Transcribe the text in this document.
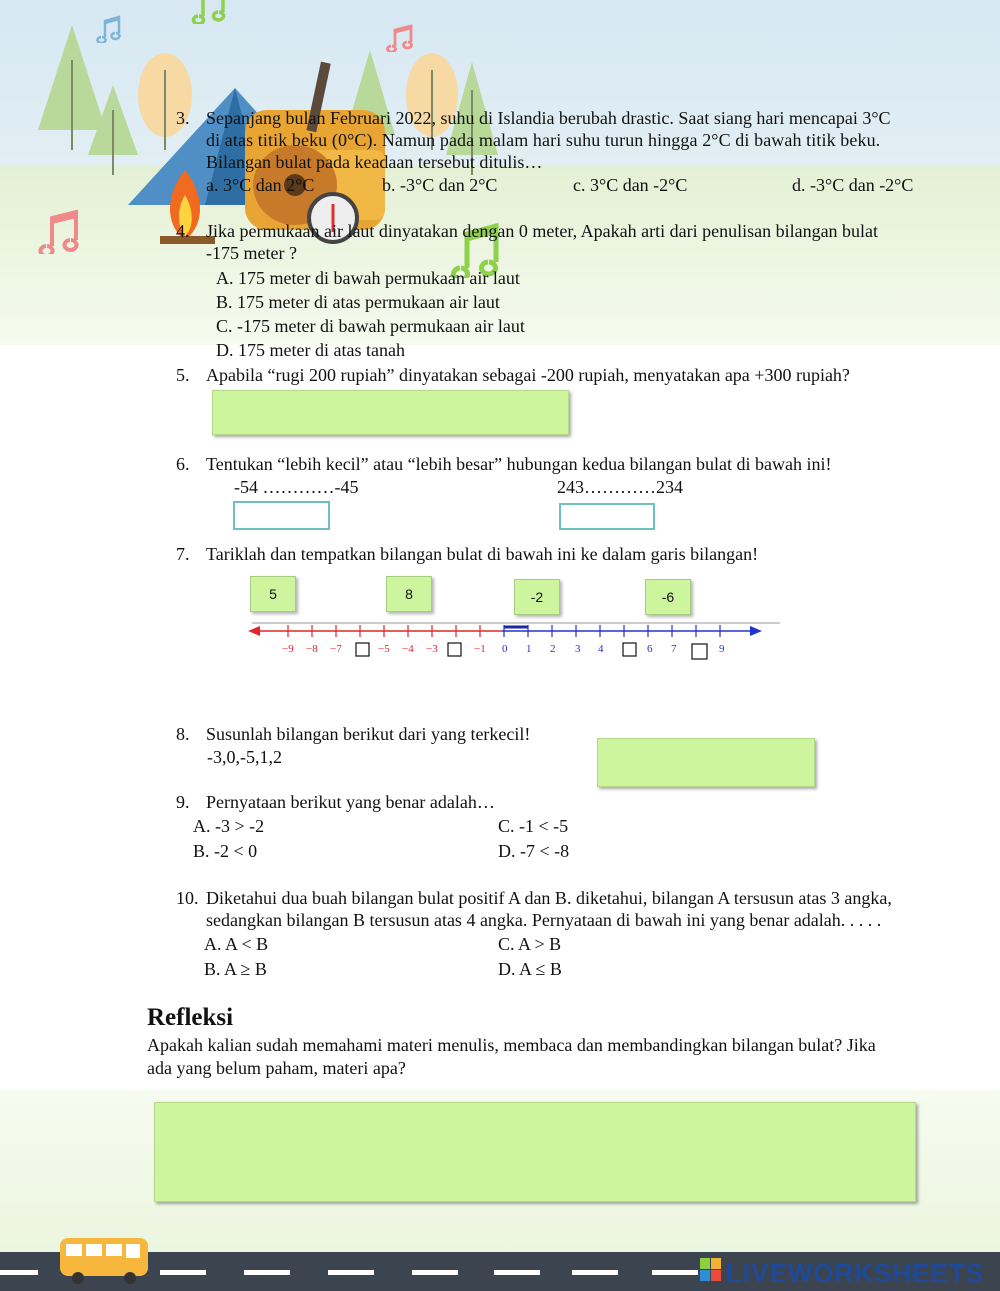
3. Sepanjang bulan Februari 2022, suhu di Islandia berubah drastic. Saat siang hari mencapai 3°C
di atas titik beku (0°C). Namun pada malam hari suhu turun hingga 2°C di bawah titik beku.
Bilangan bulat pada keadaan tersebut ditulis…
a. 3°C dan 2°C	b. -3°C dan 2°C	c. 3°C dan -2°C	d. -3°C dan -2°C
4. Jika permukaan air laut dinyatakan dengan 0 meter, Apakah arti dari penulisan bilangan bulat
-175 meter ?
A. 175 meter di bawah permukaan air laut
B. 175 meter di atas permukaan air laut
C. -175 meter di bawah permukaan air laut
D. 175 meter di atas tanah
5. Apabila “rugi 200 rupiah” dinyatakan sebagai -200 rupiah, menyatakan apa +300 rupiah?
6. Tentukan “lebih kecil” atau “lebih besar” hubungan kedua bilangan bulat di bawah ini!
-54 …………-45	243…………234
7. Tariklah dan tempatkan bilangan bulat di bawah ini ke dalam garis bilangan!
5	8	-2	-6
−9 −8 −7	−5 −4 −3	−1 0 1 2 3 4	6 7	9
8. Susunlah bilangan berikut dari yang terkecil!
-3,0,-5,1,2
9. Pernyataan berikut yang benar adalah…
A. -3 > -2	C. -1 < -5
B. -2 < 0	D. -7 < -8
10. Diketahui dua buah bilangan bulat positif A dan B. diketahui, bilangan A tersusun atas 3 angka,
sedangkan bilangan B tersusun atas 4 angka. Pernyataan di bawah ini yang benar adalah. . . . .
A. A < B	C. A > B
B. A ≥ B	D. A ≤ B
Refleksi
Apakah kalian sudah memahami materi menulis, membaca dan membandingkan bilangan bulat? Jika
ada yang belum paham, materi apa?
LIVEWORKSHEETS
